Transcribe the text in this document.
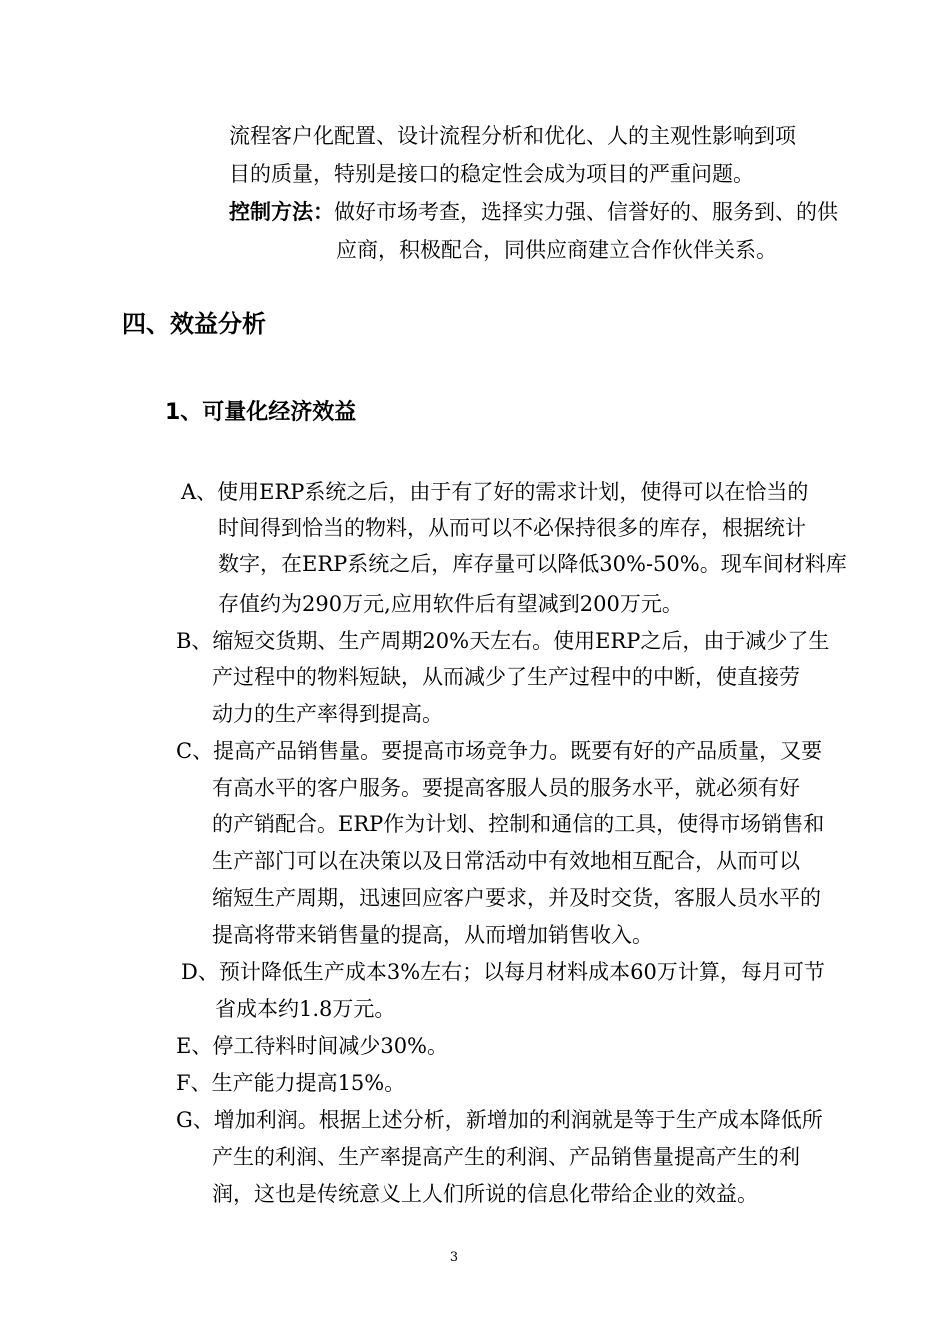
流程客户化配置、设计流程分析和优化、人的主观性影响到项
目的质量，特别是接口的稳定性会成为项目的严重问题。
控制方法：做好市场考查，选择实力强、信誉好的、服务到、的供
应商，积极配合，同供应商建立合作伙伴关系。
四、效益分析
1、可量化经济效益
A、使用ERP系统之后，由于有了好的需求计划，使得可以在恰当的
时间得到恰当的物料，从而可以不必保持很多的库存，根据统计
数字，在ERP系统之后，库存量可以降低30%-50%。现车间材料库
存值约为290万元,应用软件后有望减到200万元。
B、缩短交货期、生产周期20%天左右。使用ERP之后，由于减少了生
产过程中的物料短缺，从而减少了生产过程中的中断，使直接劳
动力的生产率得到提高。
C、提高产品销售量。要提高市场竞争力。既要有好的产品质量，又要
有高水平的客户服务。要提高客服人员的服务水平，就必须有好
的产销配合。ERP作为计划、控制和通信的工具，使得市场销售和
生产部门可以在决策以及日常活动中有效地相互配合，从而可以
缩短生产周期，迅速回应客户要求，并及时交货，客服人员水平的
提高将带来销售量的提高，从而增加销售收入。
D、预计降低生产成本3%左右；以每月材料成本60万计算，每月可节
省成本约1.8万元。
E、停工待料时间减少30%。
F、生产能力提高15%。
G、增加利润。根据上述分析，新增加的利润就是等于生产成本降低所
产生的利润、生产率提高产生的利润、产品销售量提高产生的利
润，这也是传统意义上人们所说的信息化带给企业的效益。
3
